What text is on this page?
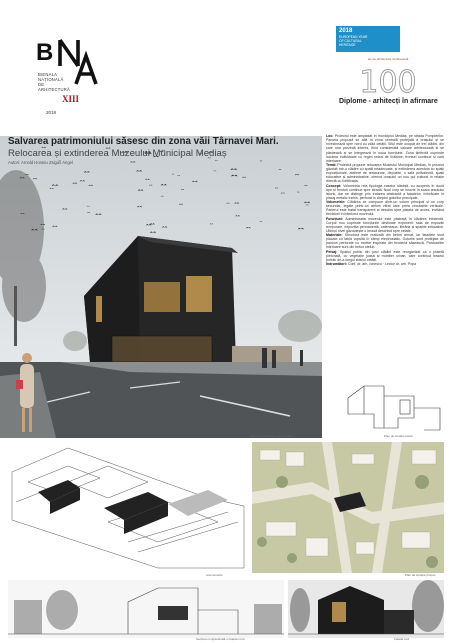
B
BIENALA
NAȚIONALĂ
DE
ARHITECTURĂ
XIII
2018
2018
EUROPEAN YEAR
OF CULTURAL
HERITAGE
100
ani de arhitectură românească
Diplome - arhitecți în afirmare
Salvarea patrimoniului săsesc din zona văii Târnavei Mari.
Relocarea și extinderea Muzeului Municipal Mediaș
Autori: Arnold Horatiu Zsigas Angel
Perspectivă dinspre strada Unirii

Loc: Proiectul este amplasat în municipiul Mediaș, pe strada Pompierilor. Parcela propusă se află în zona centrală protejată a orașului și se învecinează spre nord cu zidul cetății. Situl este ocupat de trei clădiri, din care una prezintă interes, fiind considerată valoare arhitecturală și se păstrează și se integrează în noua funcțiune. Zona limitrofă cuprinde locuințe individuale cu regim redus de înălțime, fronturi continue și curți interioare.

Temă: Proiectul propune relocarea Muzeului Municipal Mediaș, în prezent găzduit într-o clădire cu spații neadecvate, și extinderea acestuia cu spații expoziționale, ateliere de restaurare, depozite, o sală polivalentă, spații educative și administrative, oferind orașului un nou pol cultural în relație directă cu fortificația.

Concept: Volumetria reia tipologia caselor săsești, cu acoperiș în două ape și fronturi continue spre stradă. Noul corp se înscrie în scara țesutului istoric, dar se distinge prin tratarea abstractă a fațadelor, îmbrăcate în placaj metalic închis, perforat în dreptul golurilor principale.

Volumetrie: Clădirea se compune dintr-un volum principal și un corp secundar, legate printr-un atrium vitrat care preia circulațiile verticale. Parterul este tratat transparent și deschis spre piațeta de acces, invitând trecătorii în interiorul muzeului.

Funcțiuni: Administrația muzeului este păstrată în clădirea existentă. Corpul nou cuprinde funcțiunile destinate expunerii: sala de expoziții temporare, expoziția permanentă, cafeneaua, librăria și spațiile educative. Ultimul nivel găzduiește o terasă deschisă spre cetate.

Materiale: Structura este realizată din beton armat, iar fațadele sunt placate cu tablă vopsită în câmp electrostatic. Golurile sunt protejate de panouri perforate cu motive inspirate din broderia săsească. Pardoselile interioare sunt din beton șlefuit.

Peisaj: Spațiul public din jurul clădirii este reorganizat ca o piațetă pietonală, cu vegetație joasă și mobilier urban, care continuă traseul turistic de-a lungul zidului cetății.

Îndrumători: Conf. dr. arh. Ionescu · Lector dr. arh. Popa

Plan de situație parter
Axonometrie	Plan de situație propus
Secțiune longitudinală și fațada nord	Fațada sud
